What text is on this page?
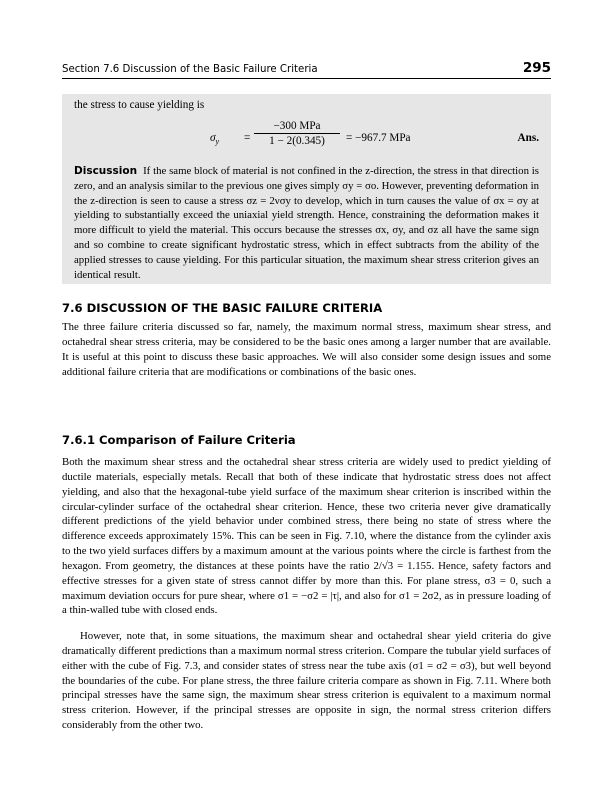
Section 7.6 Discussion of the Basic Failure Criteria	295
the stress to cause yielding is
$\sigma_y$ =
−300 MPa
1 − 2(0.345)	= −967.7 MPa	Ans.
Discussion If the same block of material is not confined in the z-direction, the stress in that direction is zero, and an analysis similar to the previous one gives simply σy = σo. However, preventing deformation in the z-direction is seen to cause a stress σz = 2νσy to develop, which in turn causes the value of σx = σy at yielding to substantially exceed the uniaxial yield strength. Hence, constraining the deformation makes it more difficult to yield the material. This occurs because the stresses σx, σy, and σz all have the same sign and so combine to create significant hydrostatic stress, which in effect subtracts from the ability of the applied stresses to cause yielding. For this particular situation, the maximum shear stress criterion gives an identical result.
7.6 DISCUSSION OF THE BASIC FAILURE CRITERIA
The three failure criteria discussed so far, namely, the maximum normal stress, maximum shear stress, and octahedral shear stress criteria, may be considered to be the basic ones among a larger number that are available. It is useful at this point to discuss these basic approaches. We will also consider some design issues and some additional failure criteria that are modifications or combinations of the basic ones.
7.6.1 Comparison of Failure Criteria
Both the maximum shear stress and the octahedral shear stress criteria are widely used to predict yielding of ductile materials, especially metals. Recall that both of these indicate that hydrostatic stress does not affect yielding, and also that the hexagonal-tube yield surface of the maximum shear criterion is inscribed within the circular-cylinder surface of the octahedral shear criterion. Hence, these two criteria never give dramatically different predictions of the yield behavior under combined stress, there being no state of stress where the difference exceeds approximately 15%. This can be seen in Fig. 7.10, where the distance from the cylinder axis to the two yield surfaces differs by a maximum amount at the various points where the circle is farthest from the hexagon. From geometry, the distances at these points have the ratio 2/√3 = 1.155. Hence, safety factors and effective stresses for a given state of stress cannot differ by more than this. For plane stress, σ3 = 0, such a maximum deviation occurs for pure shear, where σ1 = −σ2 = |τ|, and also for σ1 = 2σ2, as in pressure loading of a thin-walled tube with closed ends.
However, note that, in some situations, the maximum shear and octahedral shear yield criteria do give dramatically different predictions than a maximum normal stress criterion. Compare the tubular yield surfaces of either with the cube of Fig. 7.3, and consider states of stress near the tube axis (σ1 = σ2 = σ3), but well beyond the boundaries of the cube. For plane stress, the three failure criteria compare as shown in Fig. 7.11. Where both principal stresses have the same sign, the maximum shear stress criterion is equivalent to a maximum normal stress criterion. However, if the principal stresses are opposite in sign, the normal stress criterion differs considerably from the other two.
